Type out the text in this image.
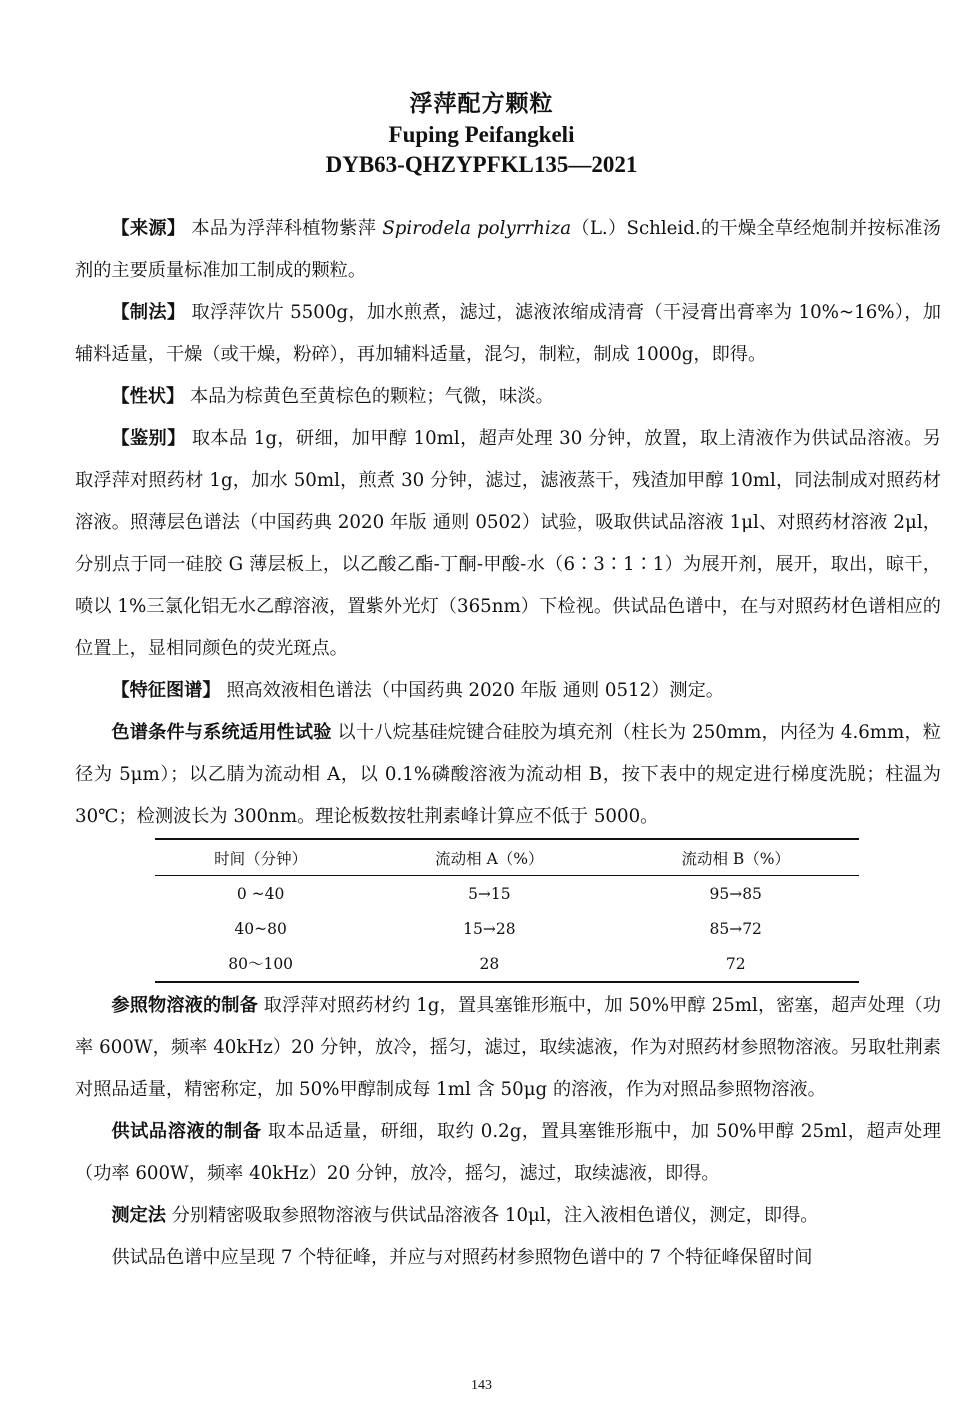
浮萍配方颗粒
Fuping Peifangkeli
DYB63-QHZYPFKL135—2021

【来源】 本品为浮萍科植物紫萍 Spirodela polyrrhiza（L.）Schleid.的干燥全草经炮制并按标准汤剂的主要质量标准加工制成的颗粒。

【制法】 取浮萍饮片 5500g，加水煎煮，滤过，滤液浓缩成清膏（干浸膏出膏率为 10%~16%），加辅料适量，干燥（或干燥，粉碎），再加辅料适量，混匀，制粒，制成 1000g，即得。

【性状】 本品为棕黄色至黄棕色的颗粒；气微，味淡。

【鉴别】 取本品 1g，研细，加甲醇 10ml，超声处理 30 分钟，放置，取上清液作为供试品溶液。另取浮萍对照药材 1g，加水 50ml，煎煮 30 分钟，滤过，滤液蒸干，残渣加甲醇 10ml，同法制成对照药材溶液。照薄层色谱法（中国药典 2020 年版 通则 0502）试验，吸取供试品溶液 1μl、对照药材溶液 2μl，分别点于同一硅胶 G 薄层板上，以乙酸乙酯-丁酮-甲酸-水（6∶3∶1∶1）为展开剂，展开，取出，晾干，喷以 1%三氯化铝无水乙醇溶液，置紫外光灯（365nm）下检视。供试品色谱中，在与对照药材色谱相应的位置上，显相同颜色的荧光斑点。

【特征图谱】 照高效液相色谱法（中国药典 2020 年版 通则 0512）测定。

色谱条件与系统适用性试验 以十八烷基硅烷键合硅胶为填充剂（柱长为 250mm，内径为 4.6mm，粒径为 5μm）；以乙腈为流动相 A，以 0.1%磷酸溶液为流动相 B，按下表中的规定进行梯度洗脱；柱温为 30℃；检测波长为 300nm。理论板数按牡荆素峰计算应不低于 5000。

时间（分钟）	流动相 A（%）	流动相 B（%）
0 ~40	5→15	95→85
40~80	15→28	85→72
80～100	28	72

参照物溶液的制备 取浮萍对照药材约 1g，置具塞锥形瓶中，加 50%甲醇 25ml，密塞，超声处理（功率 600W，频率 40kHz）20 分钟，放冷，摇匀，滤过，取续滤液，作为对照药材参照物溶液。另取牡荆素对照品适量，精密称定，加 50%甲醇制成每 1ml 含 50μg 的溶液，作为对照品参照物溶液。

供试品溶液的制备 取本品适量，研细，取约 0.2g，置具塞锥形瓶中，加 50%甲醇 25ml，超声处理（功率 600W，频率 40kHz）20 分钟，放冷，摇匀，滤过，取续滤液，即得。

测定法 分别精密吸取参照物溶液与供试品溶液各 10μl，注入液相色谱仪，测定，即得。

供试品色谱中应呈现 7 个特征峰，并应与对照药材参照物色谱中的 7 个特征峰保留时间

143
